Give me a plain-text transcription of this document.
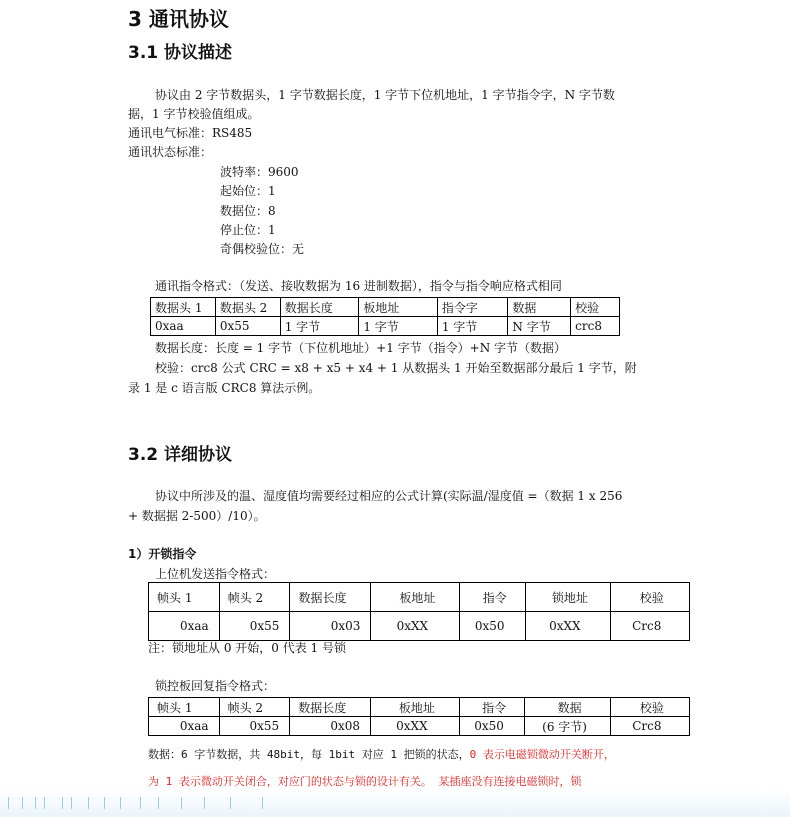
3 通讯协议
3.1 协议描述
协议由 2 字节数据头，1 字节数据长度，1 字节下位机地址，1 字节指令字，N 字节数
据，1 字节校验值组成。
通讯电气标准：RS485
通讯状态标准：
波特率：9600
起始位：1
数据位：8
停止位：1
奇偶校验位：无
通讯指令格式：（发送、接收数据为 16 进制数据），指令与指令响应格式相同
数据头 1	数据头 2	数据长度	板地址	指令字	数据	校验
0xaa	0x55	1 字节	1 字节	1 字节	N 字节	crc8
数据长度：长度 = 1 字节（下位机地址）+1 字节（指令）+N 字节（数据）
校验：crc8 公式 CRC = x8 + x5 + x4 + 1 从数据头 1 开始至数据部分最后 1 字节，附
录 1 是 c 语言版 CRC8 算法示例。
3.2 详细协议
协议中所涉及的温、湿度值均需要经过相应的公式计算(实际温/湿度值 =（数据 1 x 256
+ 数据据 2-500）/10）。
1）开锁指令
上位机发送指令格式：
帧头 1	帧头 2	数据长度	板地址	指令	锁地址	校验
0xaa	0x55	0x03	0xXX	0x50	0xXX	Crc8
注：锁地址从 0 开始，0 代表 1 号锁
锁控板回复指令格式：
帧头 1	帧头 2	数据长度	板地址	指令	数据	校验
0xaa	0x55	0x08	0xXX	0x50	(6 字节)	Crc8
数据：6 字节数据，共 48bit，每 1bit 对应 1 把锁的状态，0 表示电磁锁微动开关断开，
为 1 表示微动开关闭合，对应门的状态与锁的设计有关。 某插座没有连接电磁锁时，锁
